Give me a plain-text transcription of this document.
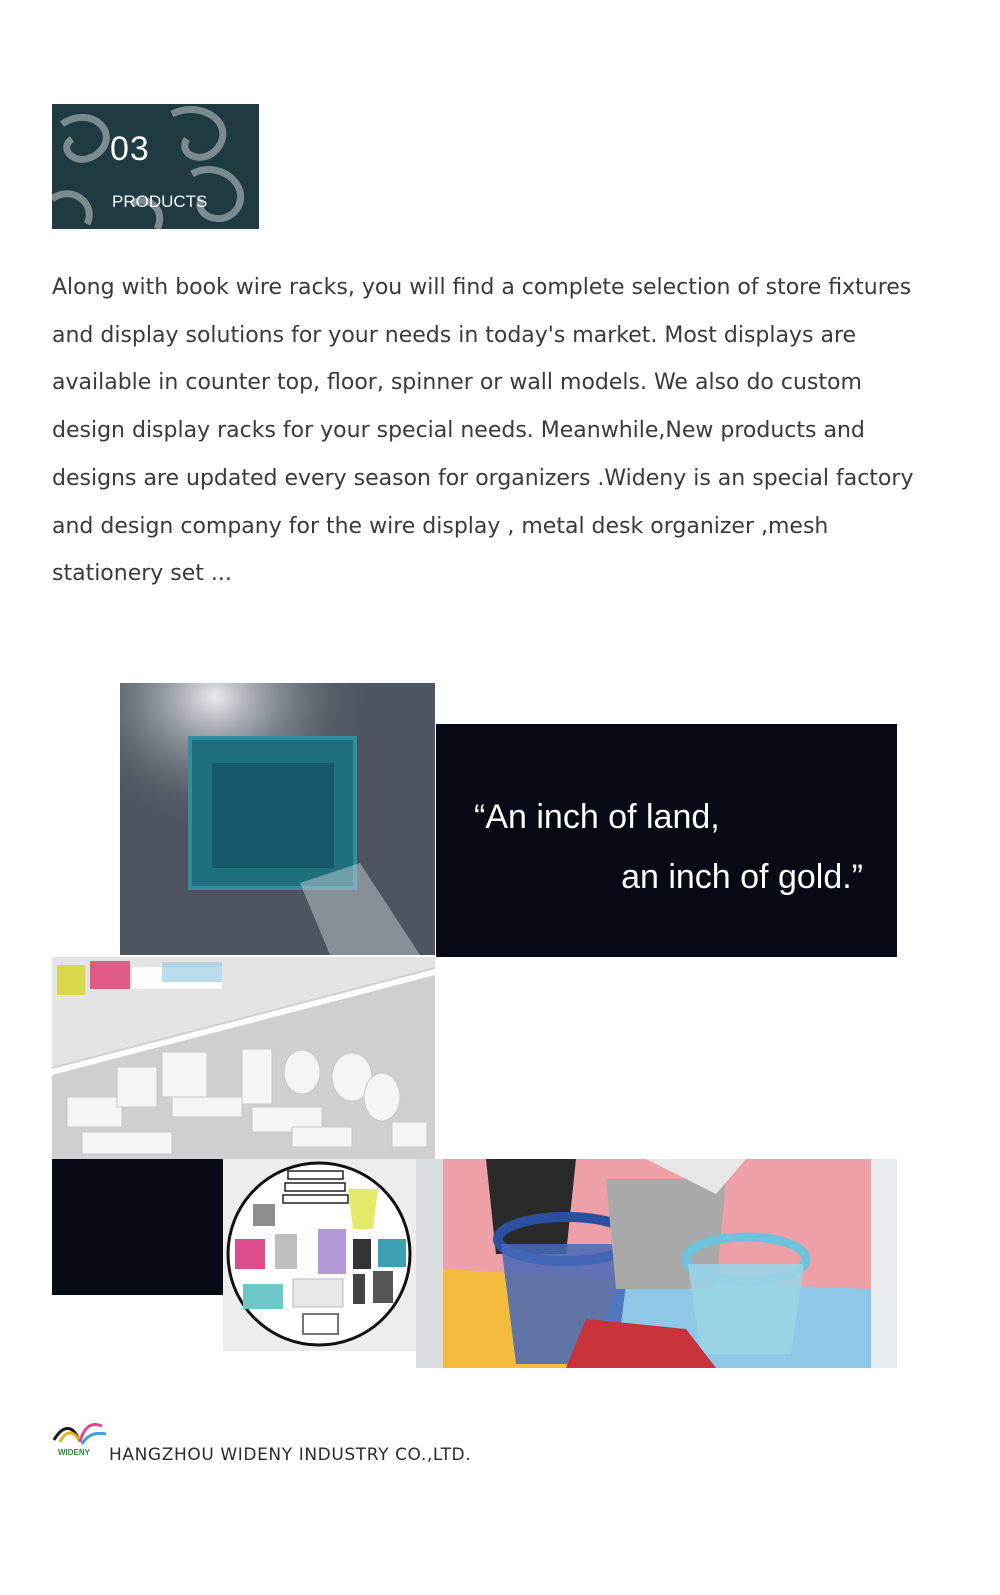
03
PRODUCTS

Along with book wire racks, you will find a complete selection of store fixtures and display solutions for your needs in today's market. Most displays are available in counter top, floor, spinner or wall models. We also do custom design display racks for your special needs. Meanwhile,New products and designs are updated every season for organizers .Wideny is an special factory and design company for the wire display , metal desk organizer ,mesh stationery set ...

“An inch of land,
an inch of gold.”
WIDENY HANGZHOU WIDENY INDUSTRY CO.,LTD.
